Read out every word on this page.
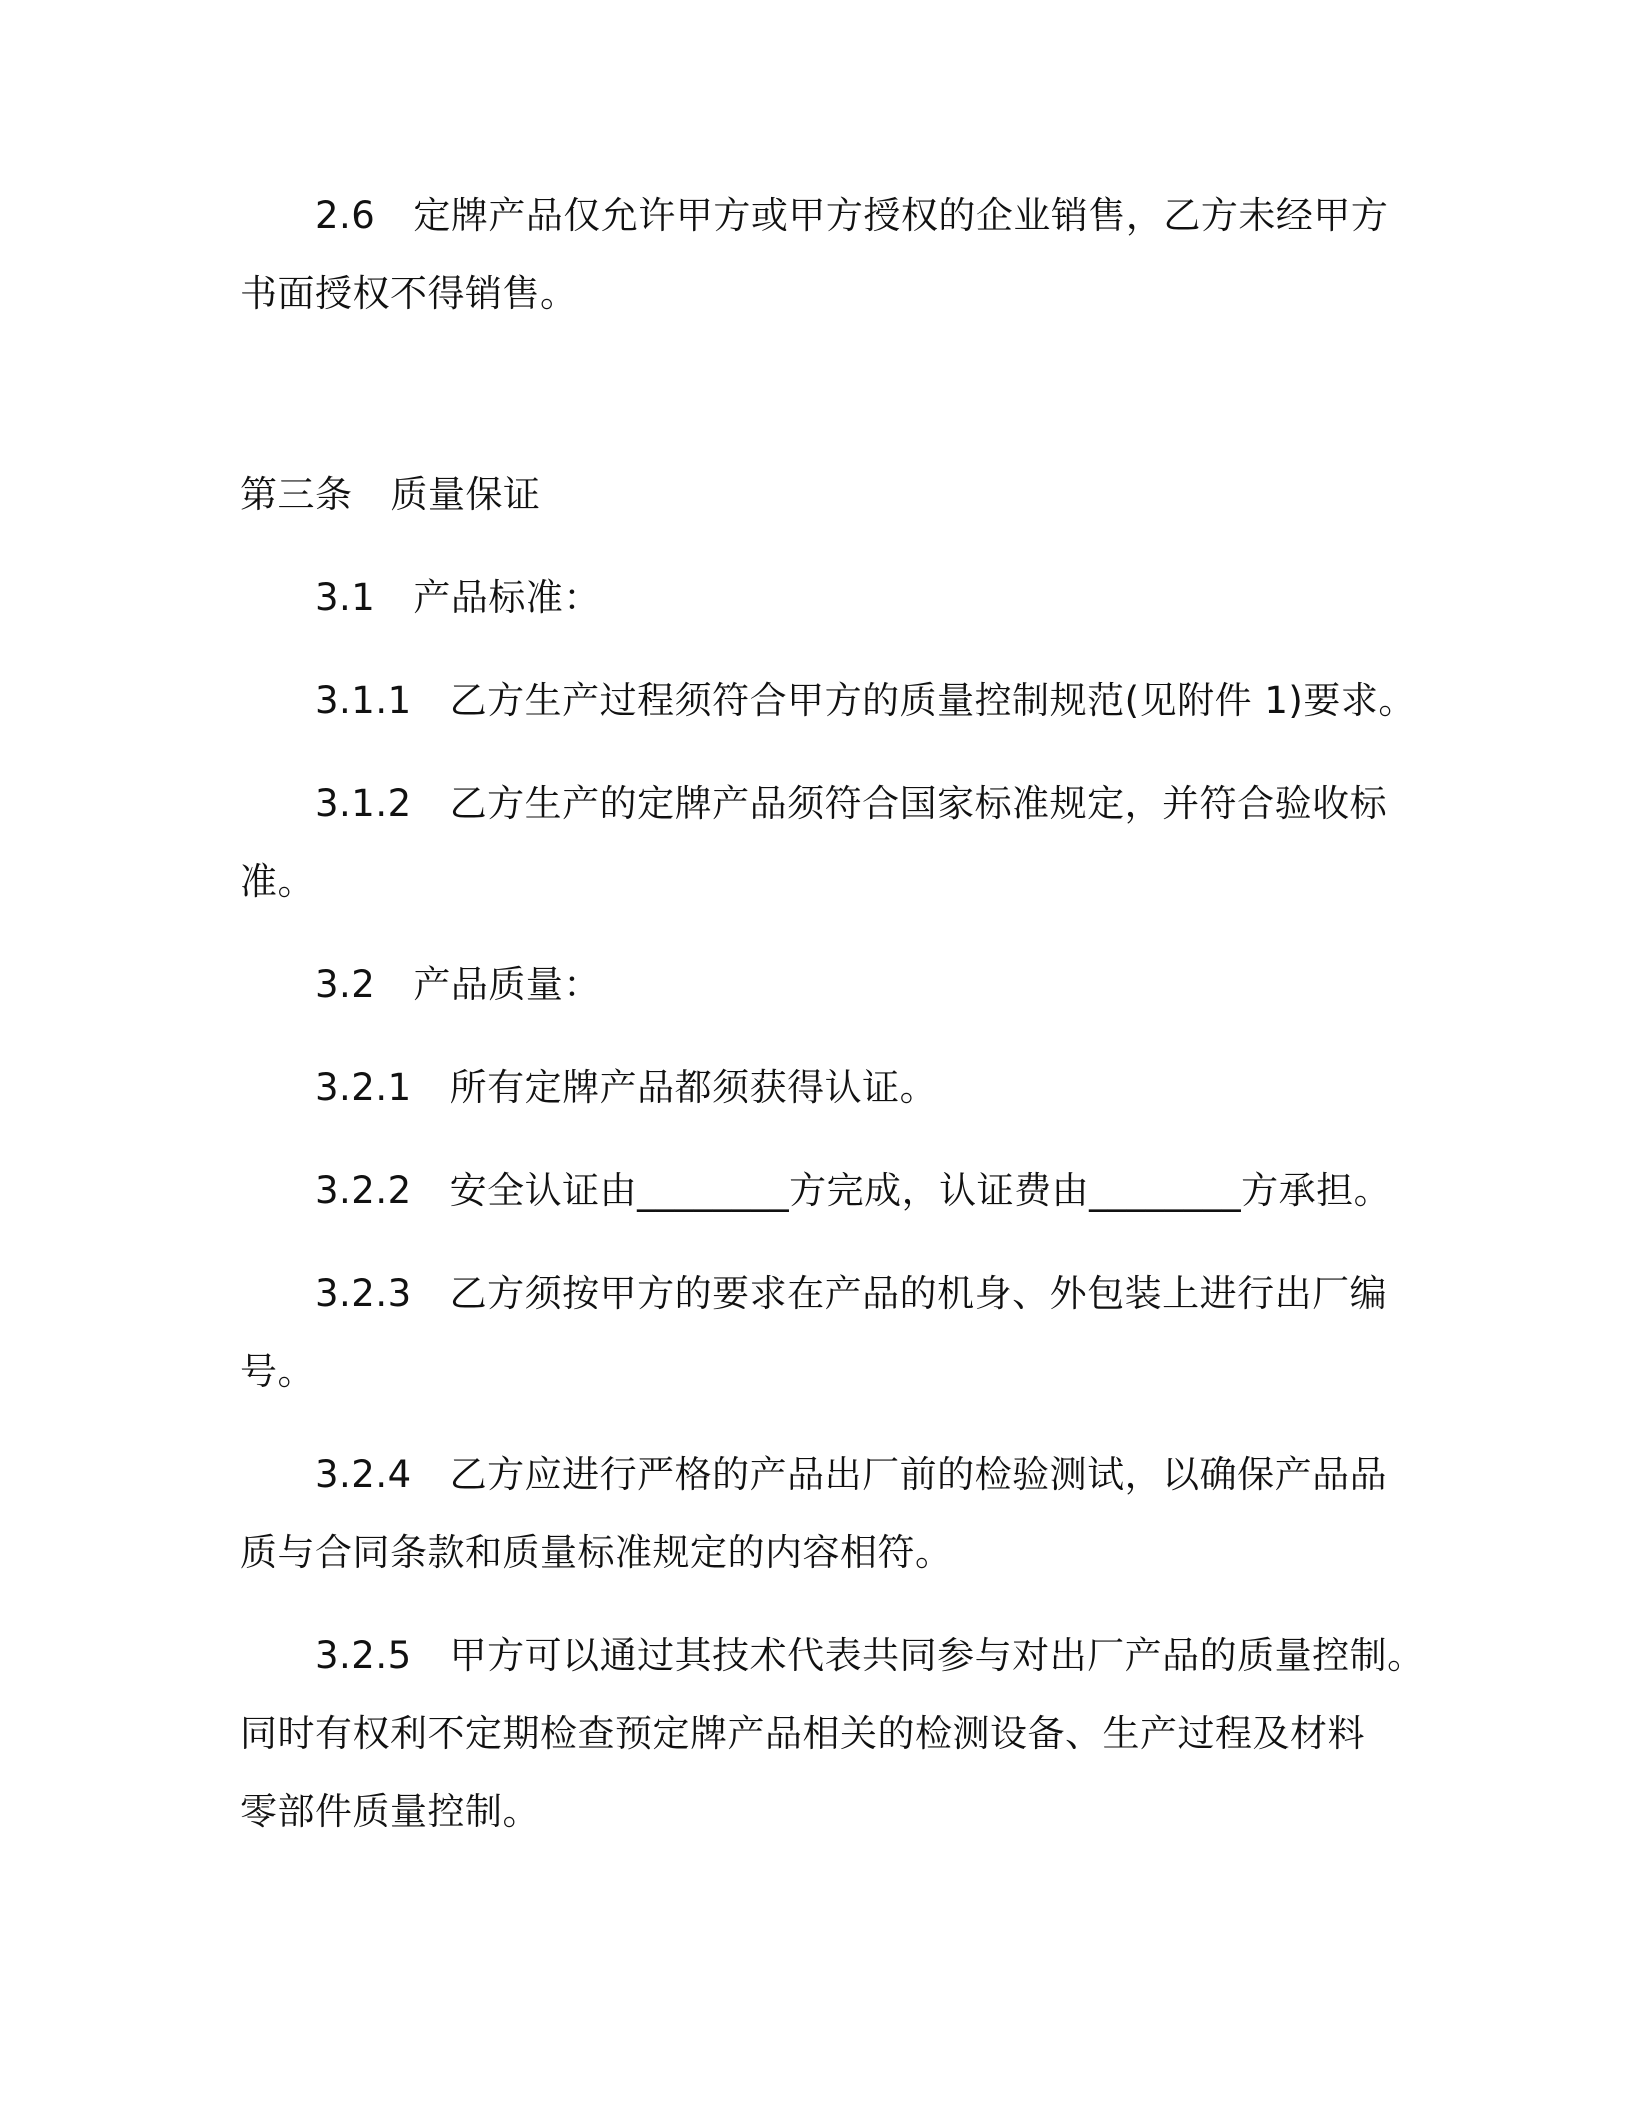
2.6 定牌产品仅允许甲方或甲方授权的企业销售，乙方未经甲方
书面授权不得销售。
第三条 质量保证
3.1 产品标准：
3.1.1 乙方生产过程须符合甲方的质量控制规范(见附件 1)要求。
3.1.2 乙方生产的定牌产品须符合国家标准规定，并符合验收标
准。
3.2 产品质量：
3.2.1 所有定牌产品都须获得认证。
3.2.2 安全认证由________方完成，认证费由________方承担。
3.2.3 乙方须按甲方的要求在产品的机身、外包装上进行出厂编
号。
3.2.4 乙方应进行严格的产品出厂前的检验测试，以确保产品品
质与合同条款和质量标准规定的内容相符。
3.2.5 甲方可以通过其技术代表共同参与对出厂产品的质量控制。
同时有权利不定期检查预定牌产品相关的检测设备、生产过程及材料
零部件质量控制。
